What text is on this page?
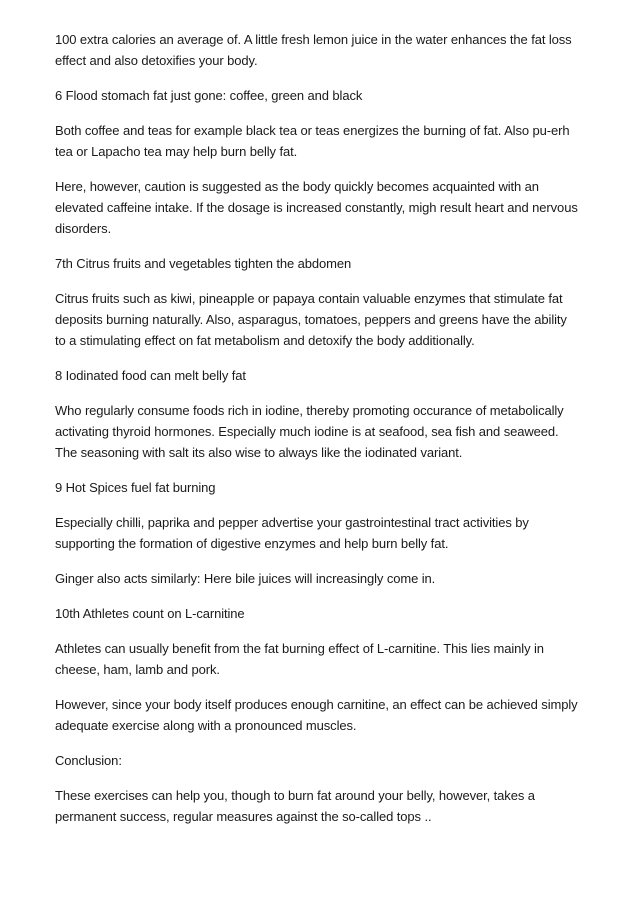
100 extra calories an average of. A little fresh lemon juice in the water enhances the fat loss
effect and also detoxifies your body.

6 Flood stomach fat just gone: coffee, green and black

Both coffee and teas for example black tea or teas energizes the burning of fat. Also pu-erh
tea or Lapacho tea may help burn belly fat.

Here, however, caution is suggested as the body quickly becomes acquainted with an
elevated caffeine intake. If the dosage is increased constantly, migh result heart and nervous
disorders.

7th Citrus fruits and vegetables tighten the abdomen

Citrus fruits such as kiwi, pineapple or papaya contain valuable enzymes that stimulate fat
deposits burning naturally. Also, asparagus, tomatoes, peppers and greens have the ability
to a stimulating effect on fat metabolism and detoxify the body additionally.

8 Iodinated food can melt belly fat

Who regularly consume foods rich in iodine, thereby promoting occurance of metabolically
activating thyroid hormones. Especially much iodine is at seafood, sea fish and seaweed.
The seasoning with salt its also wise to always like the iodinated variant.

9 Hot Spices fuel fat burning

Especially chilli, paprika and pepper advertise your gastrointestinal tract activities by
supporting the formation of digestive enzymes and help burn belly fat.

Ginger also acts similarly: Here bile juices will increasingly come in.

10th Athletes count on L-carnitine

Athletes can usually benefit from the fat burning effect of L-carnitine. This lies mainly in
cheese, ham, lamb and pork.

However, since your body itself produces enough carnitine, an effect can be achieved simply
adequate exercise along with a pronounced muscles.

Conclusion:

These exercises can help you, though to burn fat around your belly, however, takes a
permanent success, regular measures against the so-called tops ..
